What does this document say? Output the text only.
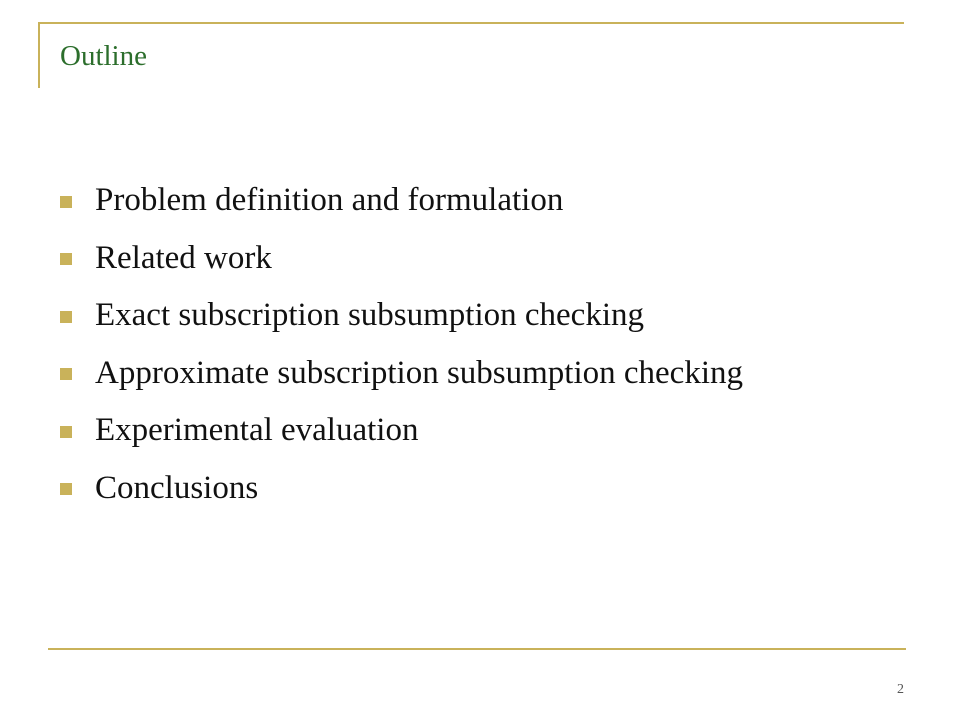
Outline
Problem definition and formulation
Related work
Exact subscription subsumption checking
Approximate subscription subsumption checking
Experimental evaluation
Conclusions
2
